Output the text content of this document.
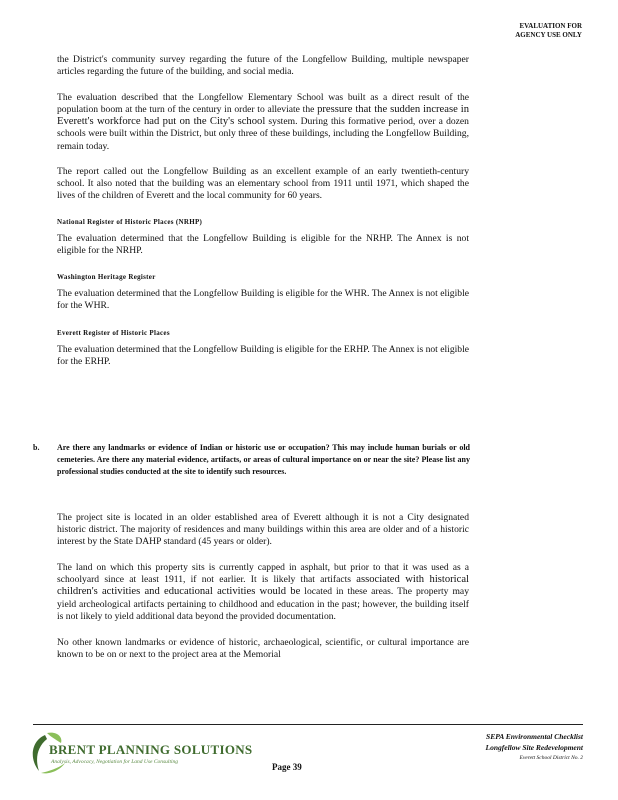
EVALUATION FOR
AGENCY USE ONLY

the District's community survey regarding the future of the Longfellow Building, multiple newspaper articles regarding the future of the building, and social media.

The evaluation described that the Longfellow Elementary School was built as a direct result of the population boom at the turn of the century in order to alleviate the pressure that the sudden increase in Everett's workforce had put on the City's school system. During this formative period, over a dozen schools were built within the District, but only three of these buildings, including the Longfellow Building, remain today.

The report called out the Longfellow Building as an excellent example of an early twentieth-century school. It also noted that the building was an elementary school from 1911 until 1971, which shaped the lives of the children of Everett and the local community for 60 years.

National Register of Historic Places (NRHP)

The evaluation determined that the Longfellow Building is eligible for the NRHP. The Annex is not eligible for the NRHP.

Washington Heritage Register

The evaluation determined that the Longfellow Building is eligible for the WHR. The Annex is not eligible for the WHR.

Everett Register of Historic Places

The evaluation determined that the Longfellow Building is eligible for the ERHP. The Annex is not eligible for the ERHP.

b. Are there any landmarks or evidence of Indian or historic use or occupation? This may include human burials or old cemeteries. Are there any material evidence, artifacts, or areas of cultural importance on or near the site? Please list any professional studies conducted at the site to identify such resources.

The project site is located in an older established area of Everett although it is not a City designated historic district. The majority of residences and many buildings within this area are older and of a historic interest by the State DAHP standard (45 years or older).

The land on which this property sits is currently capped in asphalt, but prior to that it was used as a schoolyard since at least 1911, if not earlier. It is likely that artifacts associated with historical children's activities and educational activities would be located in these areas. The property may yield archeological artifacts pertaining to childhood and education in the past; however, the building itself is not likely to yield additional data beyond the provided documentation.

No other known landmarks or evidence of historic, archaeological, scientific, or cultural importance are known to be on or next to the project area at the Memorial

BRENT PLANNING SOLUTIONS
Analysis, Advocacy, Negotiation for Land Use Consulting	Page 39
SEPA Environmental Checklist
Longfellow Site Redevelopment
Everett School District No. 2
